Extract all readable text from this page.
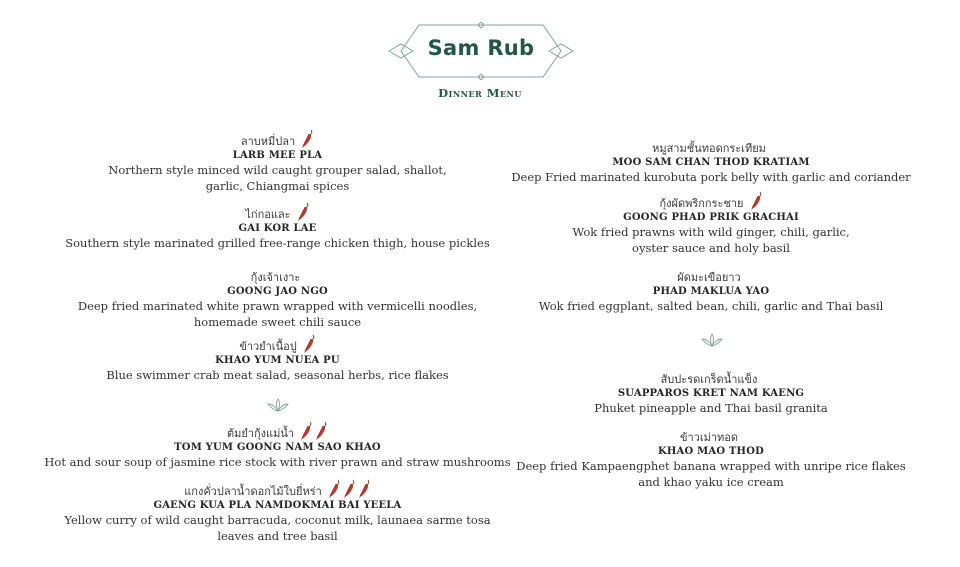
Sam Rub
Dinner Menu
ลาบหมี่ปลา
LARB MEE PLA
Northern style minced wild caught grouper salad, shallot, garlic, Chiangmai spices
ไก่กอและ
GAI KOR LAE
Southern style marinated grilled free-range chicken thigh, house pickles
กุ้งเจ้าเงาะ
GOONG JAO NGO
Deep fried marinated white prawn wrapped with vermicelli noodles, homemade sweet chili sauce
ข้าวยำเนื้อปู
KHAO YUM NUEA PU
Blue swimmer crab meat salad, seasonal herbs, rice flakes
ต้มยำกุ้งแม่น้ำ
TOM YUM GOONG NAM SAO KHAO
Hot and sour soup of jasmine rice stock with river prawn and straw mushrooms
แกงคั่วปลาน้ำดอกไม้ใบยี่หร่า
GAENG KUA PLA NAMDOKMAI BAI YEELA
Yellow curry of wild caught barracuda, coconut milk, launaea sarme tosa leaves and tree basil
หมูสามชั้นทอดกระเทียม
MOO SAM CHAN THOD KRATIAM
Deep Fried marinated kurobuta pork belly with garlic and coriander
กุ้งผัดพริกกระชาย
GOONG PHAD PRIK GRACHAI
Wok fried prawns with wild ginger, chili, garlic, oyster sauce and holy basil
ผัดมะเขือยาว
PHAD MAKLUA YAO
Wok fried eggplant, salted bean, chili, garlic and Thai basil
สับปะรดเกร็ดน้ำแข็ง
SUAPPAROS KRET NAM KAENG
Phuket pineapple and Thai basil granita
ข้าวเม่าทอด
KHAO MAO THOD
Deep fried Kampaengphet banana wrapped with unripe rice flakes and khao yaku ice cream
